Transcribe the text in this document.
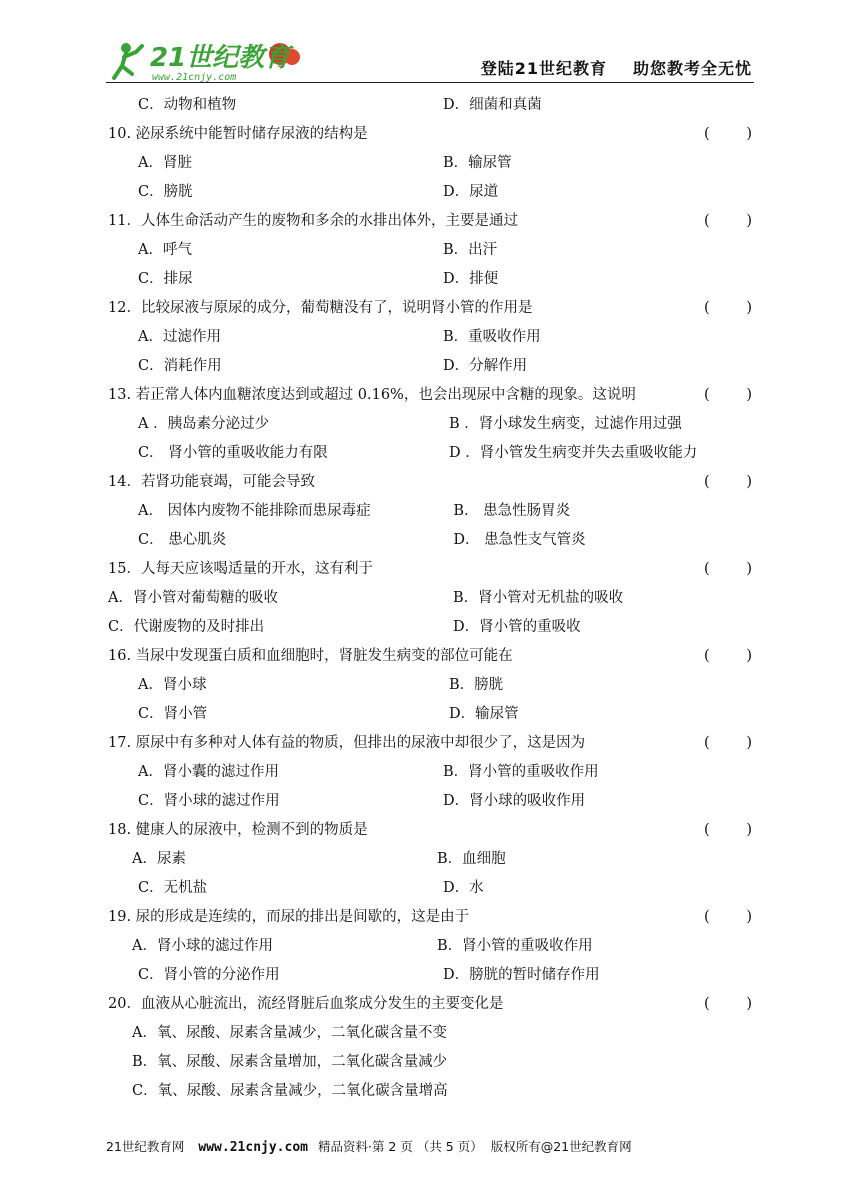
21世纪教育
www.21cnjy.com	登陆21世纪教育 助您教考全无忧
C．动物和植物	D．细菌和真菌
10. 泌尿系统中能暂时储存尿液的结构是	(	)
A．肾脏	B．输尿管
C．膀胱	D．尿道
11．人体生命活动产生的废物和多余的水排出体外，主要是通过	(	)
A．呼气	B．出汗
C．排尿	D．排便
12．比较尿液与原尿的成分，葡萄糖没有了，说明肾小管的作用是	(	)
A．过滤作用	B．重吸收作用
C．消耗作用	D．分解作用
13. 若正常人体内血糖浓度达到或超过 0.16%，也会出现尿中含糖的现象。这说明	(	)
A ．胰岛素分泌过少	B ．肾小球发生病变，过滤作用过强
C． 肾小管的重吸收能力有限	D ．肾小管发生病变并失去重吸收能力
14．若肾功能衰竭，可能会导致	(	)
A． 因体内废物不能排除而患尿毒症	B． 患急性肠胃炎
C． 患心肌炎	D． 患急性支气管炎
15．人每天应该喝适量的开水，这有利于	(	)
A．肾小管对葡萄糖的吸收	B．肾小管对无机盐的吸收
C．代谢废物的及时排出	D．肾小管的重吸收
16. 当尿中发现蛋白质和血细胞时，肾脏发生病变的部位可能在	(	)
A．肾小球	B．膀胱
C．肾小管	D．输尿管
17. 原尿中有多种对人体有益的物质，但排出的尿液中却很少了，这是因为	(	)
A．肾小囊的滤过作用	B．肾小管的重吸收作用
C．肾小球的滤过作用	D．肾小球的吸收作用
18. 健康人的尿液中，检测不到的物质是	(	)
A．尿素	B．血细胞
C．无机盐	D．水
19. 尿的形成是连续的，而尿的排出是间歇的，这是由于	(	)
A．肾小球的滤过作用	B．肾小管的重吸收作用
C．肾小管的分泌作用	D．膀胱的暂时储存作用
20．血液从心脏流出，流经肾脏后血浆成分发生的主要变化是	(	)
A．氧、尿酸、尿素含量减少，二氧化碳含量不变
B．氧、尿酸、尿素含量增加，二氧化碳含量减少
C．氧、尿酸、尿素含量减少，二氧化碳含量增高
21世纪教育网 www.21cnjy.com 精品资料·第 2 页 （共 5 页） 版权所有@21世纪教育网
